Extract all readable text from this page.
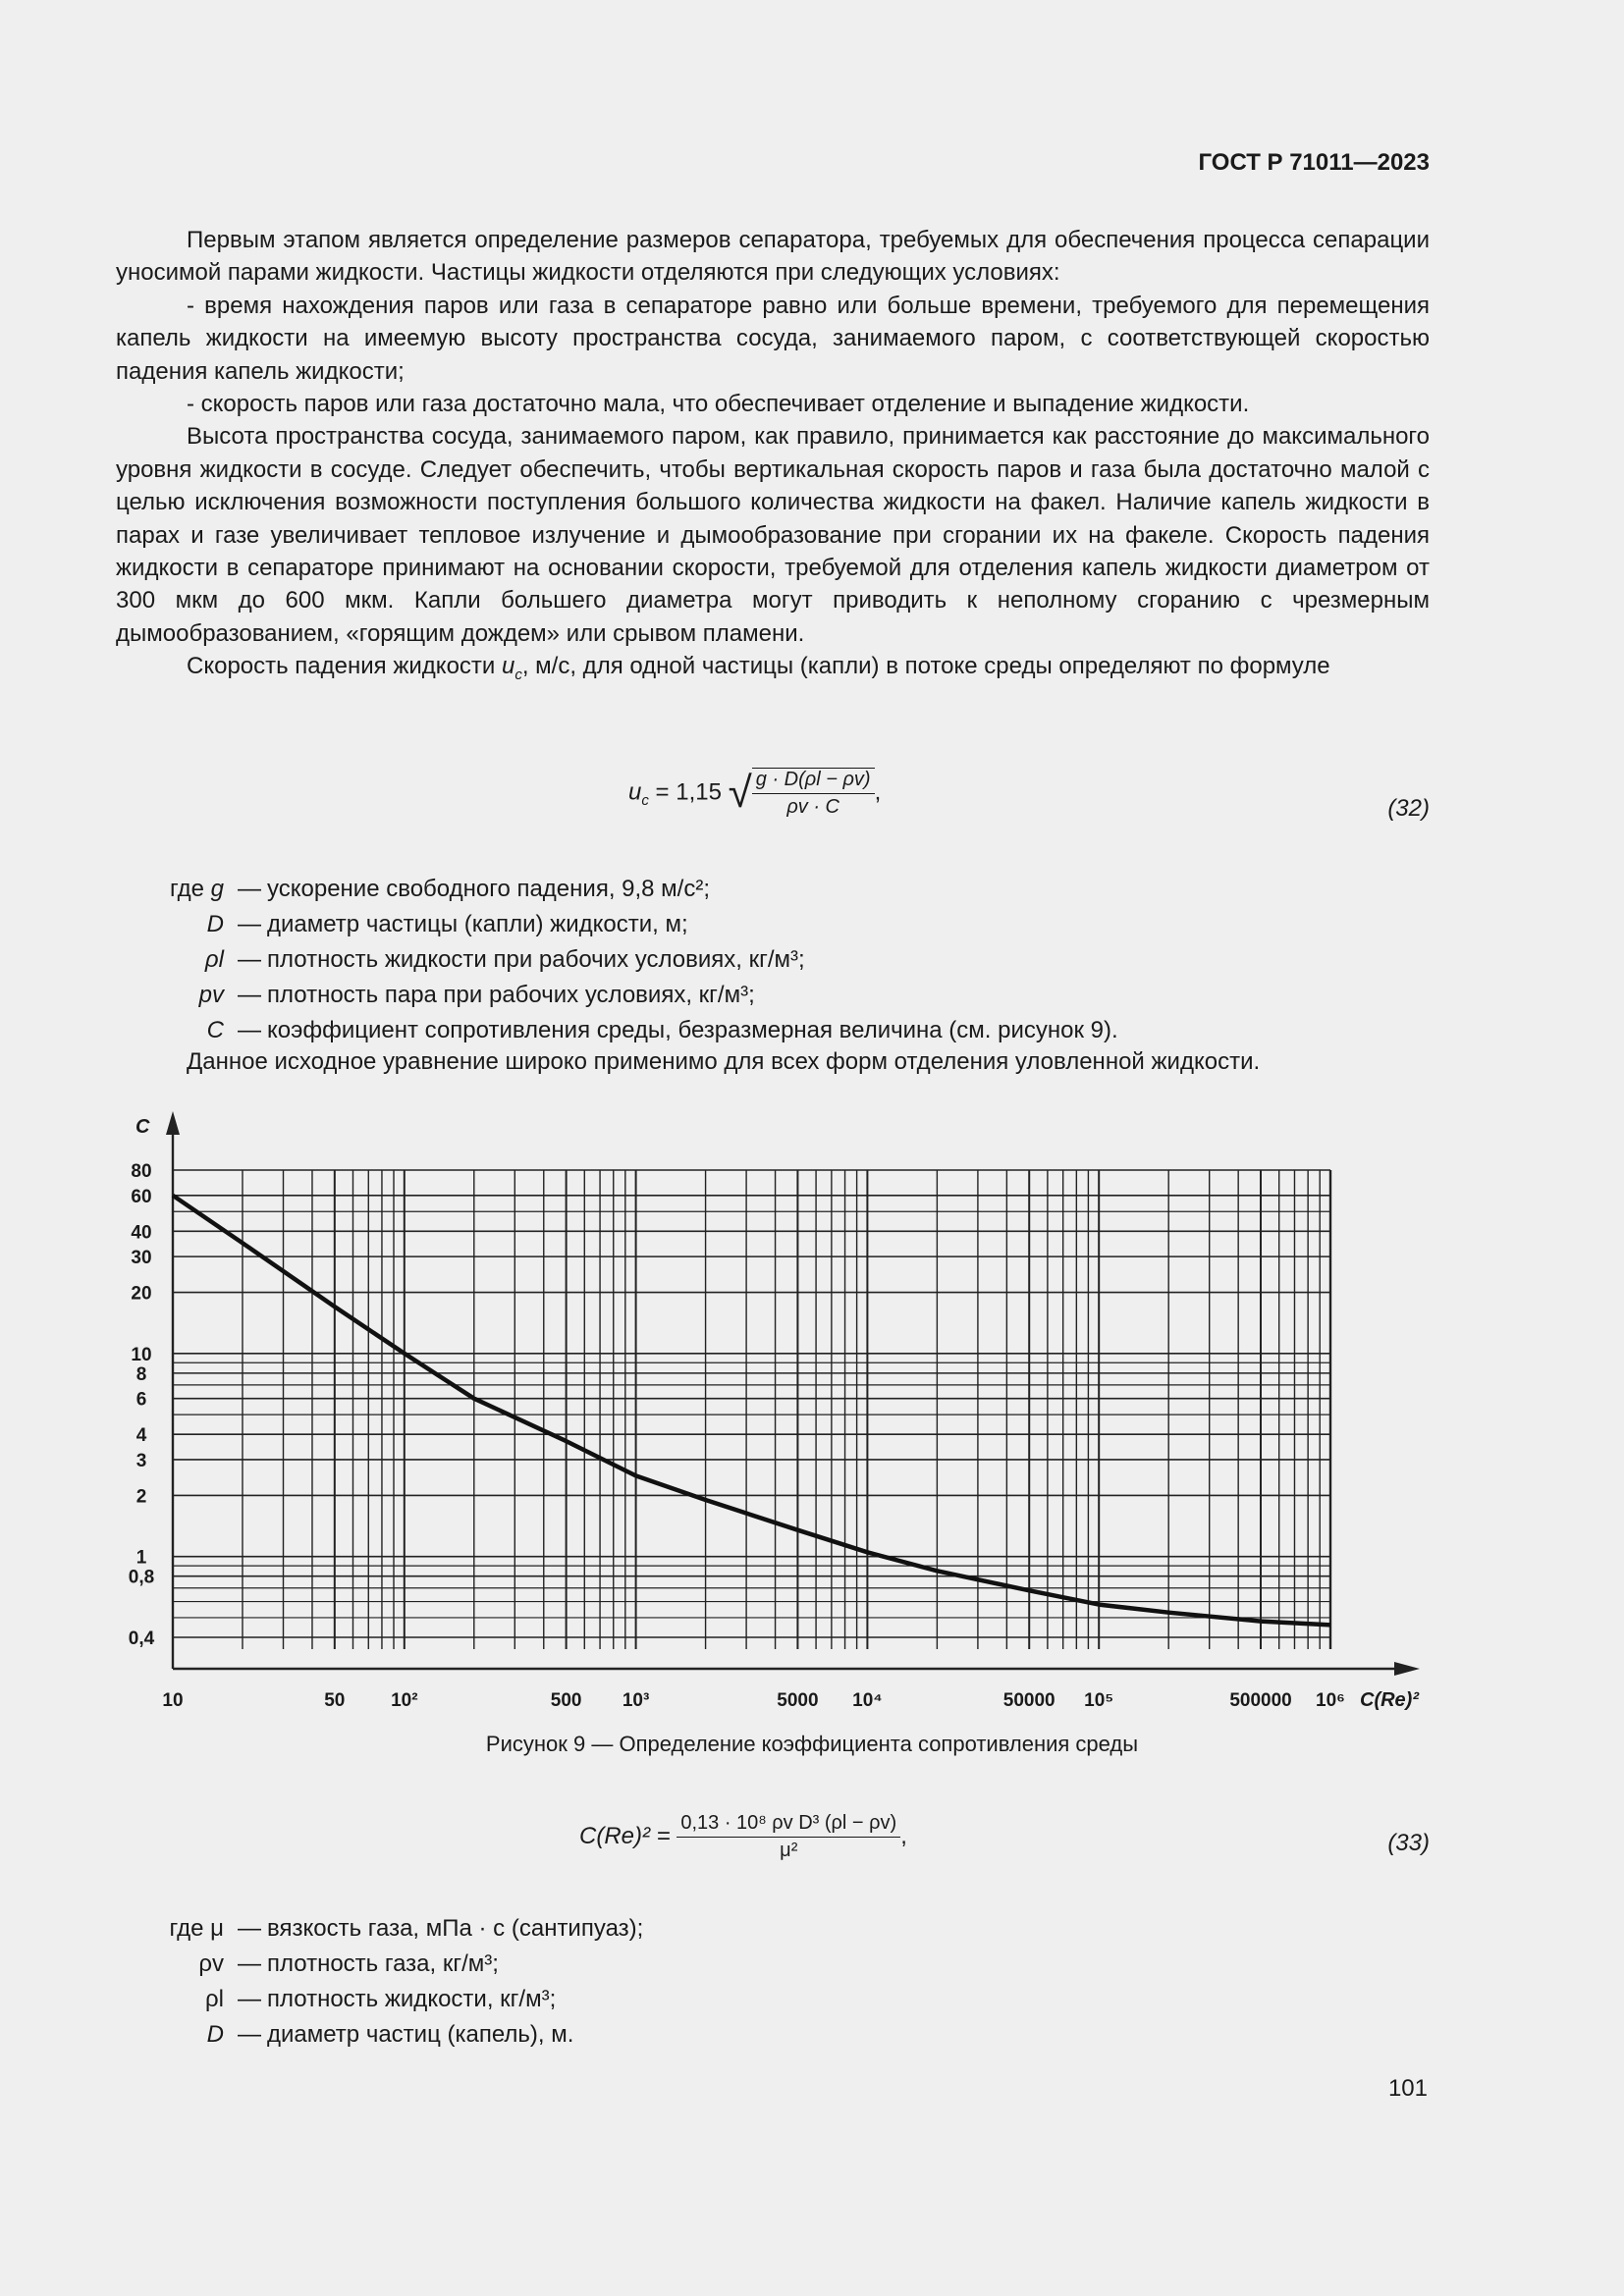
ГОСТ Р 71011—2023

Первым этапом является определение размеров сепаратора, требуемых для обеспечения процесса сепарации уносимой парами жидкости. Частицы жидкости отделяются при следующих условиях:

- время нахождения паров или газа в сепараторе равно или больше времени, требуемого для перемещения капель жидкости на имеемую высоту пространства сосуда, занимаемого паром, с соответствующей скоростью падения капель жидкости;

- скорость паров или газа достаточно мала, что обеспечивает отделение и выпадение жидкости.

Высота пространства сосуда, занимаемого паром, как правило, принимается как расстояние до максимального уровня жидкости в сосуде. Следует обеспечить, чтобы вертикальная скорость паров и газа была достаточно малой с целью исключения возможности поступления большого количества жидкости на факел. Наличие капель жидкости в парах и газе увеличивает тепловое излучение и дымообразование при сгорании их на факеле. Скорость падения жидкости в сепараторе принимают на основании скорости, требуемой для отделения капель жидкости диаметром от 300 мкм до 600 мкм. Капли большего диаметра могут приводить к неполному сгоранию с чрезмерным дымообразованием, «горящим дождем» или срывом пламени.

Скорость падения жидкости $u_c$, м/с, для одной частицы (капли) в потоке среды определяют по формуле

$u_c = 1,15$ √ $\frac{g \cdot D(\rho l - \rho v)}{\rho v \cdot C}$ ,
(32)
где g — ускорение свободного падения, 9,8 м/с²;
D — диаметр частицы (капли) жидкости, м;
ρl — плотность жидкости при рабочих условиях, кг/м³;
pv — плотность пара при рабочих условиях, кг/м³;
C — коэффициент сопротивления среды, безразмерная величина (см. рисунок 9).
Данное исходное уравнение широко применимо для всех форм отделения уловленной жидкости.
80
60
40
30
20
10
8
6
4
3
2
1
0,8
0,4
C
10	50 10²	500 10³	5000 10⁴	50000 10⁵	500000 10⁶ C(Re)²
Рисунок 9 — Определение коэффициента сопротивления среды
$C(Re)^2 = \frac{\text{0,13 · 10⁸ ρv D³ (ρl − ρv)}}{\text{μ²}}$ ,	(33)
где μ — вязкость газа, мПа · с (сантипуаз);
ρv — плотность газа, кг/м³;
ρl — плотность жидкости, кг/м³;
D — диаметр частиц (капель), м.
101
